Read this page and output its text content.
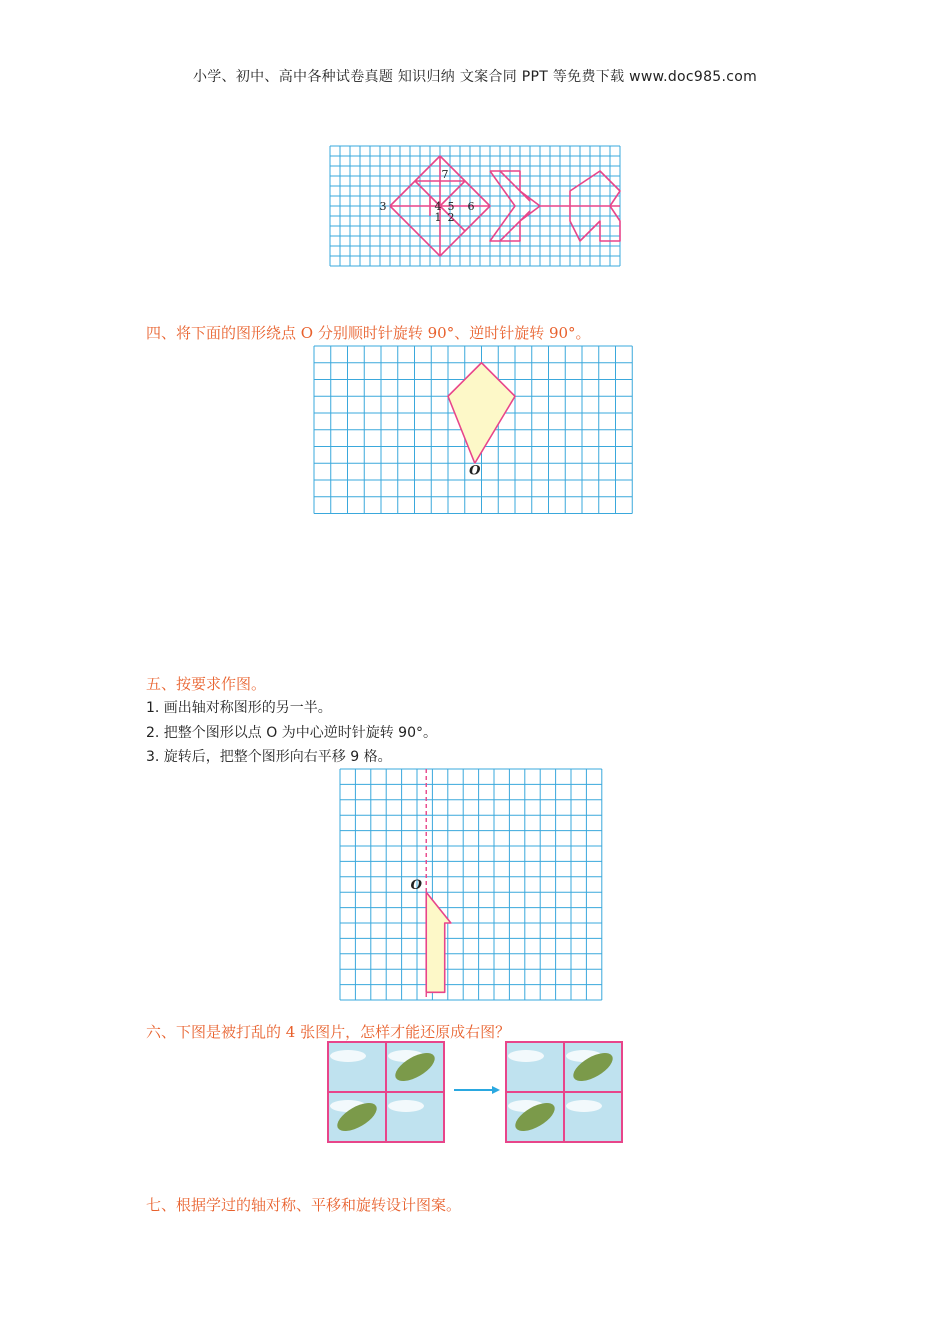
小学、初中、高中各种试卷真题 知识归纳 文案合同 PPT 等免费下载 www.doc985.com
7
3	4 5 6
1 2
四、将下面的图形绕点 O 分别顺时针旋转 90°、逆时针旋转 90°。
O
五、按要求作图。
1. 画出轴对称图形的另一半。
2. 把整个图形以点 O 为中心逆时针旋转 90°。
3. 旋转后，把整个图形向右平移 9 格。
O
六、下图是被打乱的 4 张图片，怎样才能还原成右图？
七、根据学过的轴对称、平移和旋转设计图案。
